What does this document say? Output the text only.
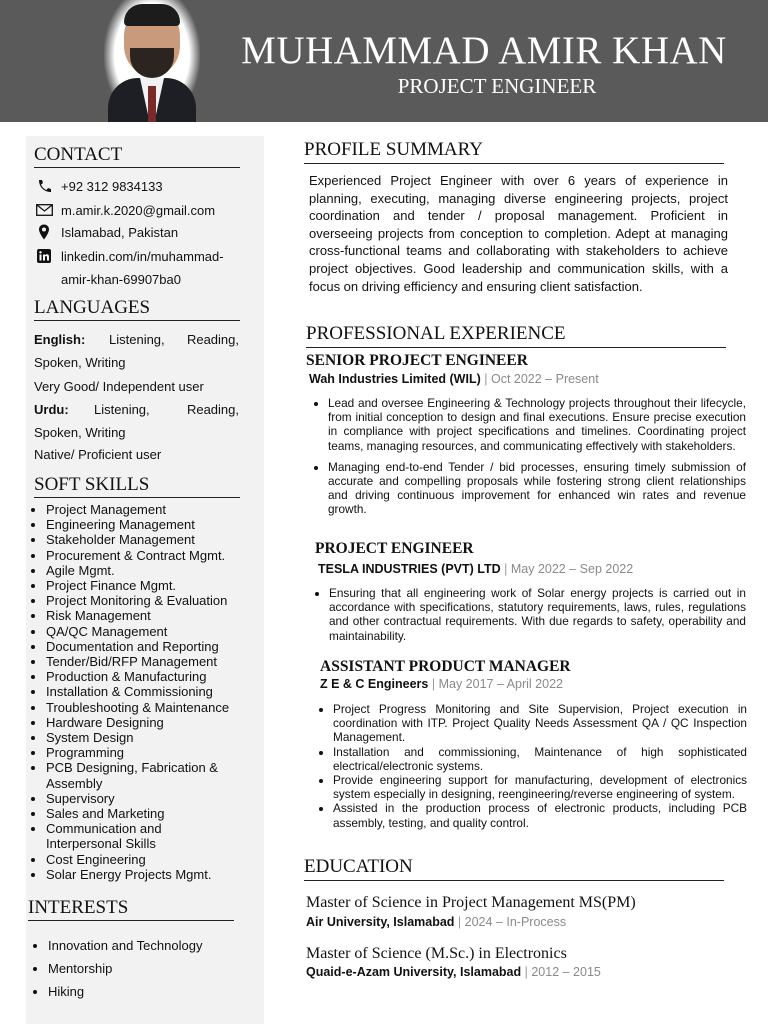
MUHAMMAD AMIR KHAN
PROJECT ENGINEER
CONTACT
+92 312 9834133
m.amir.k.2020@gmail.com
Islamabad, Pakistan
linkedin.com/in/muhammad-
amir-khan-69907ba0
LANGUAGES
English: Listening, Reading,
Spoken, Writing
Very Good/ Independent user
Urdu: Listening, Reading,
Spoken, Writing
Native/ Proficient user
SOFT SKILLS
• Project Management
• Engineering Management
• Stakeholder Management
• Procurement & Contract Mgmt.
• Agile Mgmt.
• Project Finance Mgmt.
• Project Monitoring & Evaluation
• Risk Management
• QA/QC Management
• Documentation and Reporting
• Tender/Bid/RFP Management
• Production & Manufacturing
• Installation & Commissioning
• Troubleshooting & Maintenance
• Hardware Designing
• System Design
• Programming
• PCB Designing, Fabrication & Assembly
• Supervisory
• Sales and Marketing
• Communication and Interpersonal Skills
• Cost Engineering
• Solar Energy Projects Mgmt.
INTERESTS
• Innovation and Technology
• Mentorship
• Hiking
PROFILE SUMMARY
Experienced Project Engineer with over 6 years of experience in planning, executing, managing diverse engineering projects, project coordination and tender / proposal management. Proficient in overseeing projects from conception to completion. Adept at managing cross-functional teams and collaborating with stakeholders to achieve project objectives. Good leadership and communication skills, with a focus on driving efficiency and ensuring client satisfaction.
PROFESSIONAL EXPERIENCE
SENIOR PROJECT ENGINEER
Wah Industries Limited (WIL) | Oct 2022 – Present
• Lead and oversee Engineering & Technology projects throughout their lifecycle, from initial conception to design and final executions. Ensure precise execution in compliance with project specifications and timelines. Coordinating project teams, managing resources, and communicating effectively with stakeholders.
• Managing end-to-end Tender / bid processes, ensuring timely submission of accurate and compelling proposals while fostering strong client relationships and driving continuous improvement for enhanced win rates and revenue growth.
PROJECT ENGINEER
TESLA INDUSTRIES (PVT) LTD | May 2022 – Sep 2022
• Ensuring that all engineering work of Solar energy projects is carried out in accordance with specifications, statutory requirements, laws, rules, regulations and other contractual requirements. With due regards to safety, operability and maintainability.
ASSISTANT PRODUCT MANAGER
Z E & C Engineers | May 2017 – April 2022
• Project Progress Monitoring and Site Supervision, Project execution in coordination with ITP. Project Quality Needs Assessment QA / QC Inspection Management.
• Installation and commissioning, Maintenance of high sophisticated electrical/electronic systems.
• Provide engineering support for manufacturing, development of electronics system especially in designing, reengineering/reverse engineering of system.
• Assisted in the production process of electronic products, including PCB assembly, testing, and quality control.
EDUCATION
Master of Science in Project Management MS(PM)
Air University, Islamabad | 2024 – In-Process
Master of Science (M.Sc.) in Electronics
Quaid-e-Azam University, Islamabad | 2012 – 2015
